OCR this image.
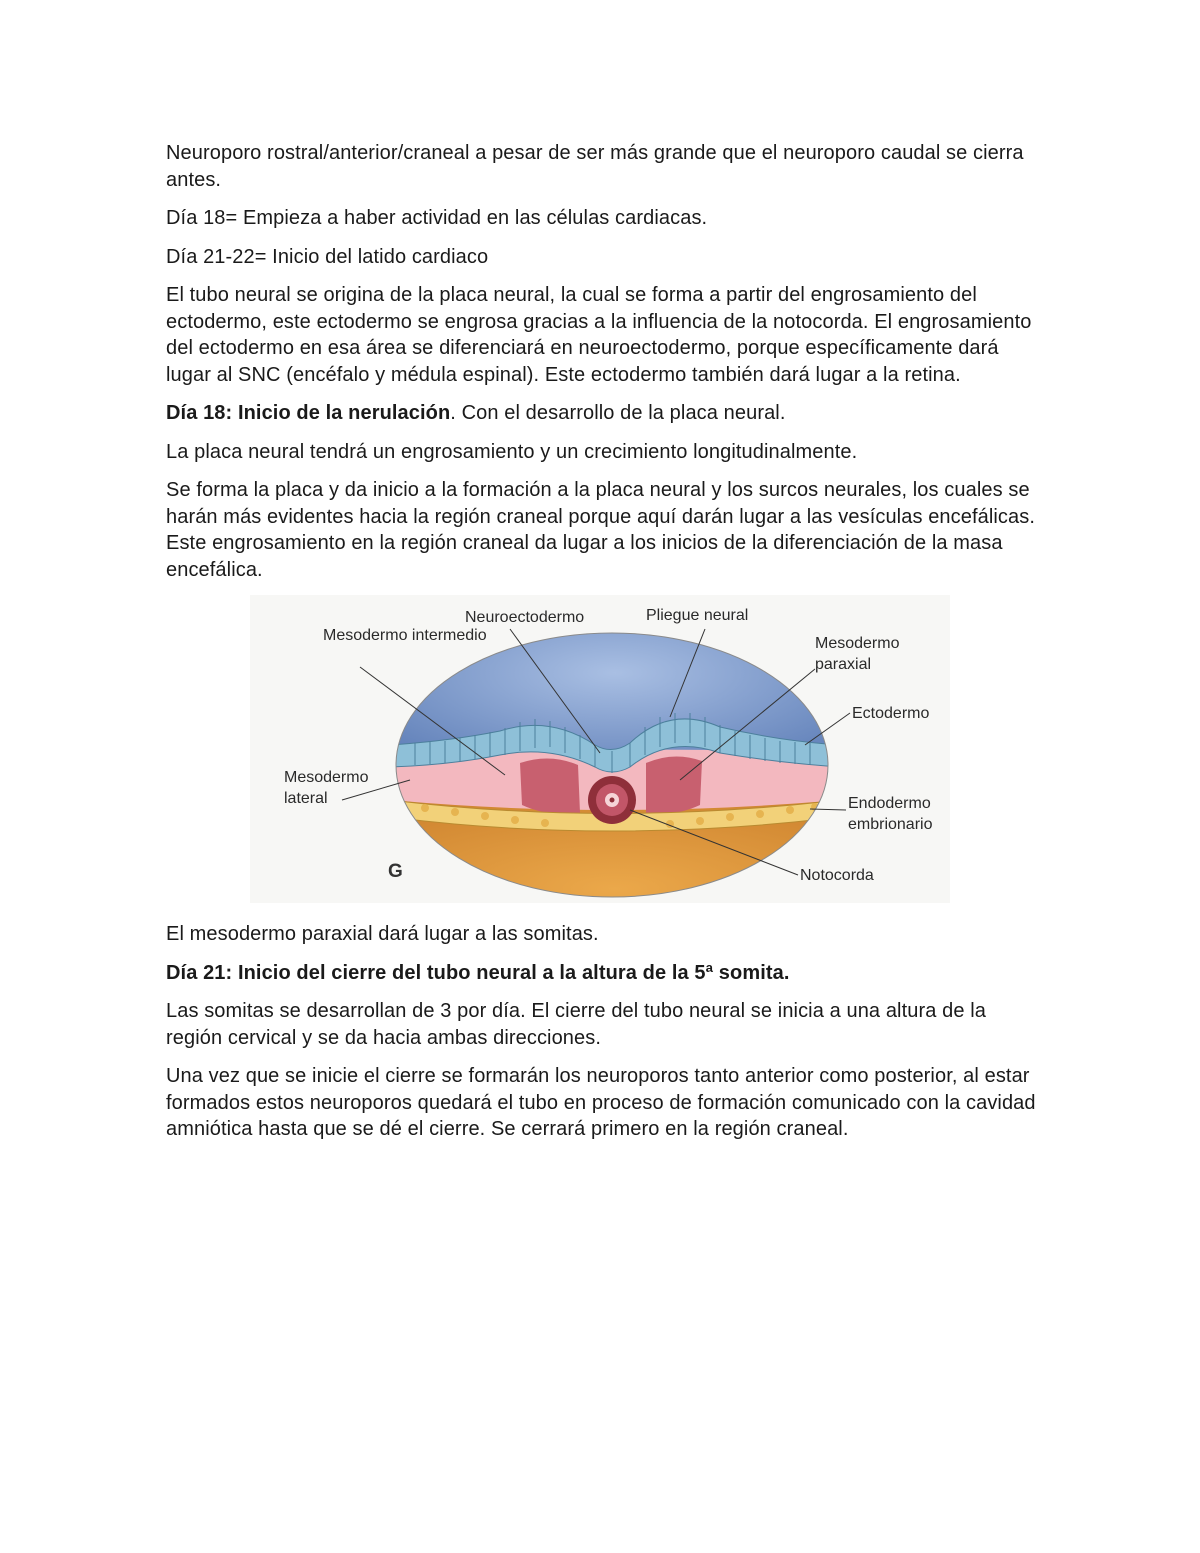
Neuroporo rostral/anterior/craneal a pesar de ser más grande que el neuroporo caudal se cierra antes.

Día 18= Empieza a haber actividad en las células cardiacas.

Día 21-22= Inicio del latido cardiaco

El tubo neural se origina de la placa neural, la cual se forma a partir del engrosamiento del ectodermo, este ectodermo se engrosa gracias a la influencia de la notocorda. El engrosamiento del ectodermo en esa área se diferenciará en neuroectodermo, porque específicamente dará lugar al SNC (encéfalo y médula espinal). Este ectodermo también dará lugar a la retina.

Día 18: Inicio de la nerulación. Con el desarrollo de la placa neural.

La placa neural tendrá un engrosamiento y un crecimiento longitudinalmente.

Se forma la placa y da inicio a la formación a la placa neural y los surcos neurales, los cuales se harán más evidentes hacia la región craneal porque aquí darán lugar a las vesículas encefálicas. Este engrosamiento en la región craneal da lugar a los inicios de la diferenciación de la masa encefálica.

Mesodermo intermedio
Neuroectodermo	Pliegue neural
Mesodermo paraxial
Ectodermo
Mesodermo lateral	Endodermo embrionario
Notocorda
G

El mesodermo paraxial dará lugar a las somitas.

Día 21: Inicio del cierre del tubo neural a la altura de la 5ª somita.

Las somitas se desarrollan de 3 por día. El cierre del tubo neural se inicia a una altura de la región cervical y se da hacia ambas direcciones.

Una vez que se inicie el cierre se formarán los neuroporos tanto anterior como posterior, al estar formados estos neuroporos quedará el tubo en proceso de formación comunicado con la cavidad amniótica hasta que se dé el cierre. Se cerrará primero en la región craneal.
